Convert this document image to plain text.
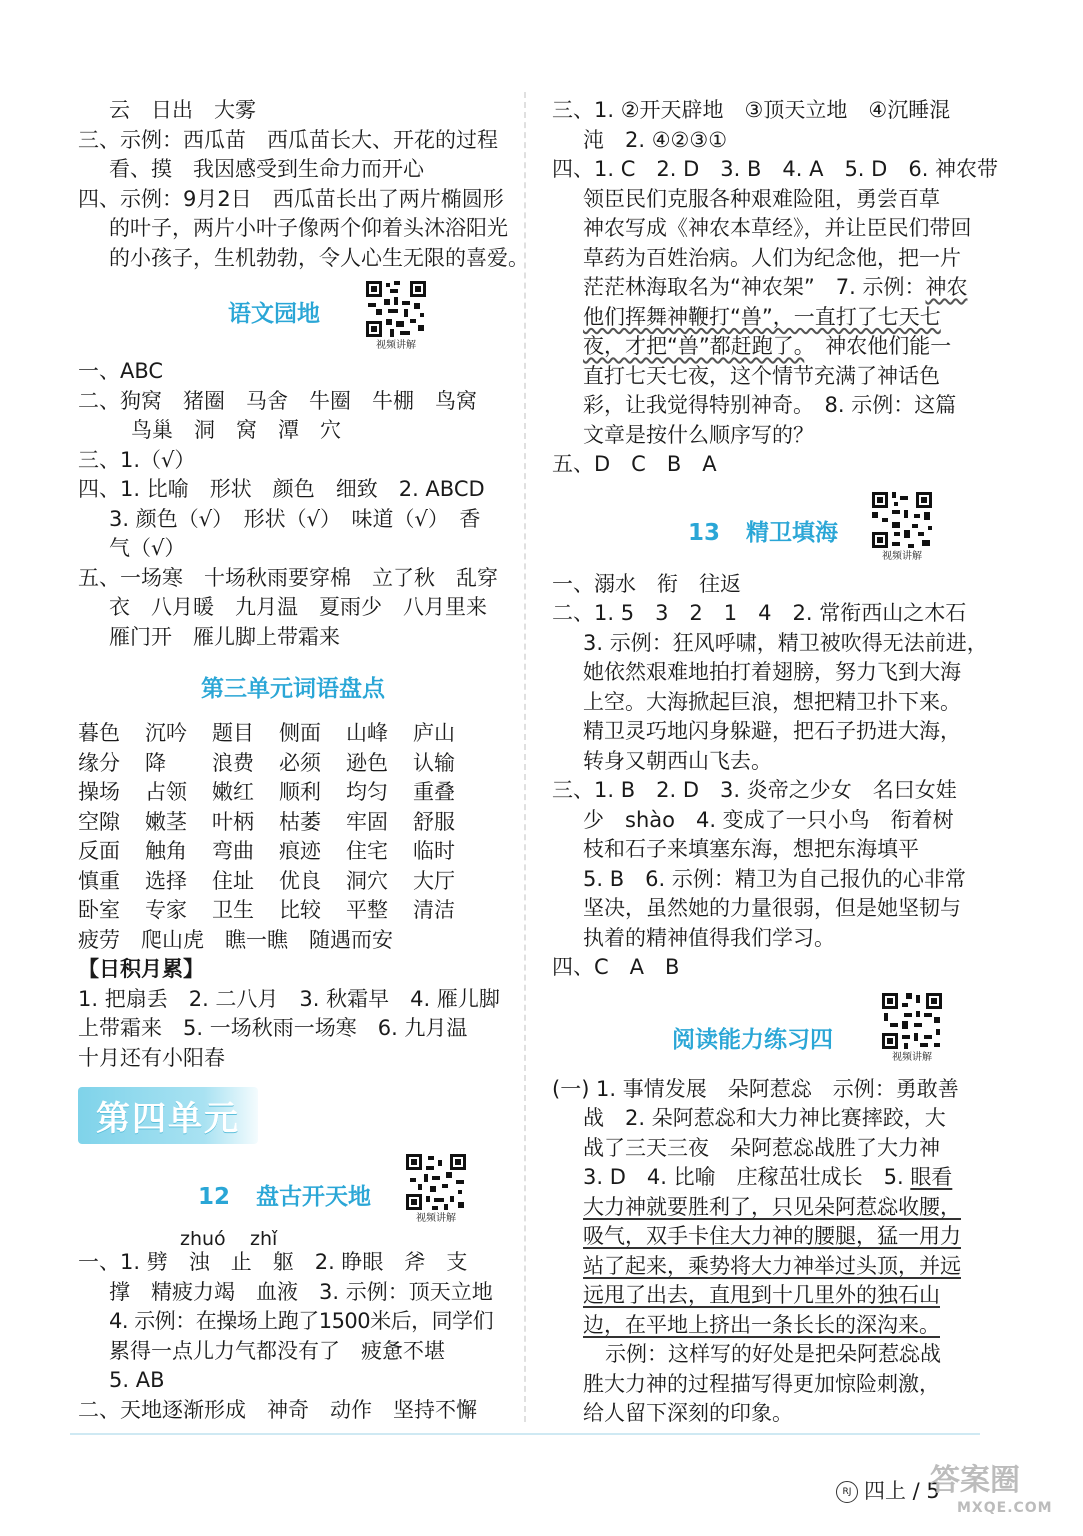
云　日出　大雾
三、示例：西瓜苗　西瓜苗长大、开花的过程
看、摸　我因感受到生命力而开心
四、示例：9月2日　西瓜苗长出了两片椭圆形
的叶子，两片小叶子像两个仰着头沐浴阳光
的小孩子，生机勃勃，令人心生无限的喜爱。
语文园地
视频讲解
一、ABC
二、狗窝　猪圈　马舍　牛圈　牛棚　鸟窝
鸟巢　洞　窝　潭　穴
三、1.（√）
四、1. 比喻　形状　颜色　细致　2. ABCD
3. 颜色（√）　形状（√）　味道（√）　香
气（√）
五、一场寒　十场秋雨要穿棉　立了秋　乱穿
衣　八月暖　九月温　夏雨少　八月里来
雁门开　雁儿脚上带霜来
第三单元词语盘点
暮色	沉吟	题目	侧面	山峰	庐山
缘分	降	浪费	必须	逊色	认输
操场	占领	嫩红	顺利	均匀	重叠
空隙	嫩茎	叶柄	枯萎	牢固	舒服
反面	触角	弯曲	痕迹	住宅	临时
慎重	选择	住址	优良	洞穴	大厅
卧室	专家	卫生	比较	平整	清洁
疲劳　爬山虎　瞧一瞧　随遇而安
【日积月累】
1. 把扇丢　2. 二八月　3. 秋霜早　4. 雁儿脚
上带霜来　5. 一场秋雨一场寒　6. 九月温
十月还有小阳春
第四单元
12 盘古开天地
视频讲解
zhuó zhǐ
一、1. 劈　浊　止　躯　2. 睁眼　斧　支
撑　精疲力竭　血液　3. 示例：顶天立地
4. 示例：在操场上跑了1500米后，同学们
累得一点儿力气都没有了　疲惫不堪
5. AB
二、天地逐渐形成　神奇　动作　坚持不懈
三、1. ②开天辟地　③顶天立地　④沉睡混
沌　2. ④②③①
四、1. C　2. D　3. B　4. A　5. D　6. 神农带
领臣民们克服各种艰难险阻，勇尝百草
神农写成《神农本草经》，并让臣民们带回
草药为百姓治病。人们为纪念他，把一片
茫茫林海取名为“神农架”　7. 示例：神农
他们挥舞神鞭打“兽”，一直打了七天七
夜，才把“兽”都赶跑了。　神农他们能一
直打七天七夜，这个情节充满了神话色
彩，让我觉得特别神奇。　8. 示例：这篇
文章是按什么顺序写的？
五、D　C　B　A
13 精卫填海
视频讲解
一、溺水　衔　往返
二、1. 5　3　2　1　4　2. 常衔西山之木石
3. 示例：狂风呼啸，精卫被吹得无法前进，
她依然艰难地拍打着翅膀，努力飞到大海
上空。大海掀起巨浪，想把精卫扑下来。
精卫灵巧地闪身躲避，把石子扔进大海，
转身又朝西山飞去。
三、1. B　2. D　3. 炎帝之少女　名曰女娃
少　shào　4. 变成了一只小鸟　衔着树
枝和石子来填塞东海，想把东海填平
5. B　6. 示例：精卫为自己报仇的心非常
坚决，虽然她的力量很弱，但是她坚韧与
执着的精神值得我们学习。
四、C　A　B
阅读能力练习四
视频讲解
(一) 1. 事情发展　朵阿惹惢　示例：勇敢善
战　2. 朵阿惹惢和大力神比赛摔跤，大
战了三天三夜　朵阿惹惢战胜了大力神
3. D　4. 比喻　庄稼茁壮成长　5. 眼看
大力神就要胜利了，只见朵阿惹惢收腰，
吸气，双手卡住大力神的腰腿，猛一用力
站了起来，乘势将大力神举过头顶，并远
远甩了出去，直甩到十几里外的独石山
边，在平地上挤出一条长长的深沟来。
示例：这样写的好处是把朵阿惹惢战
胜大力神的过程描写得更加惊险刺激，
给人留下深刻的印象。
RJ 四上 / 5
答案圈
MXQE.COM
